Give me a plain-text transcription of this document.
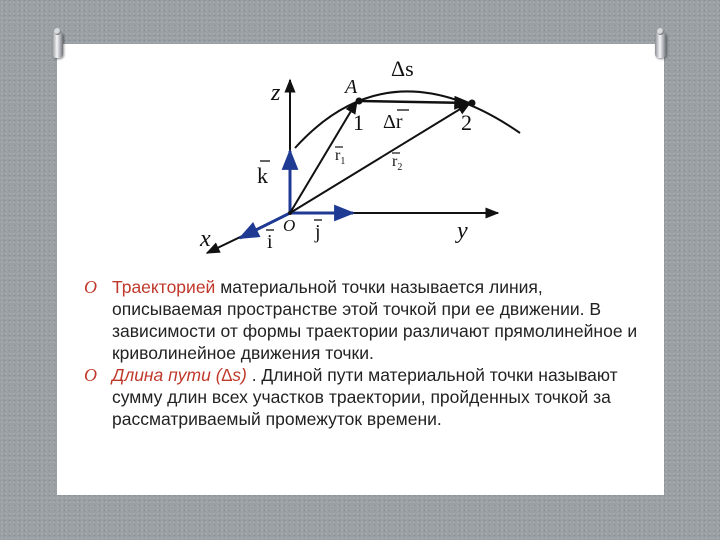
z
x	y
O
A
Δs
Δr
1	2
k
i j
$r_1$	$r_2$
O Траекторией материальной точки называется линия, описываемая пространстве этой точкой при ее движении. В зависимости от формы траектории различают прямолинейное и криволинейное движения точки.
O Длина пути (∆s) . Длиной пути материальной точки называют сумму длин всех участков траектории, пройденных точкой за рассматриваемый промежуток времени.
